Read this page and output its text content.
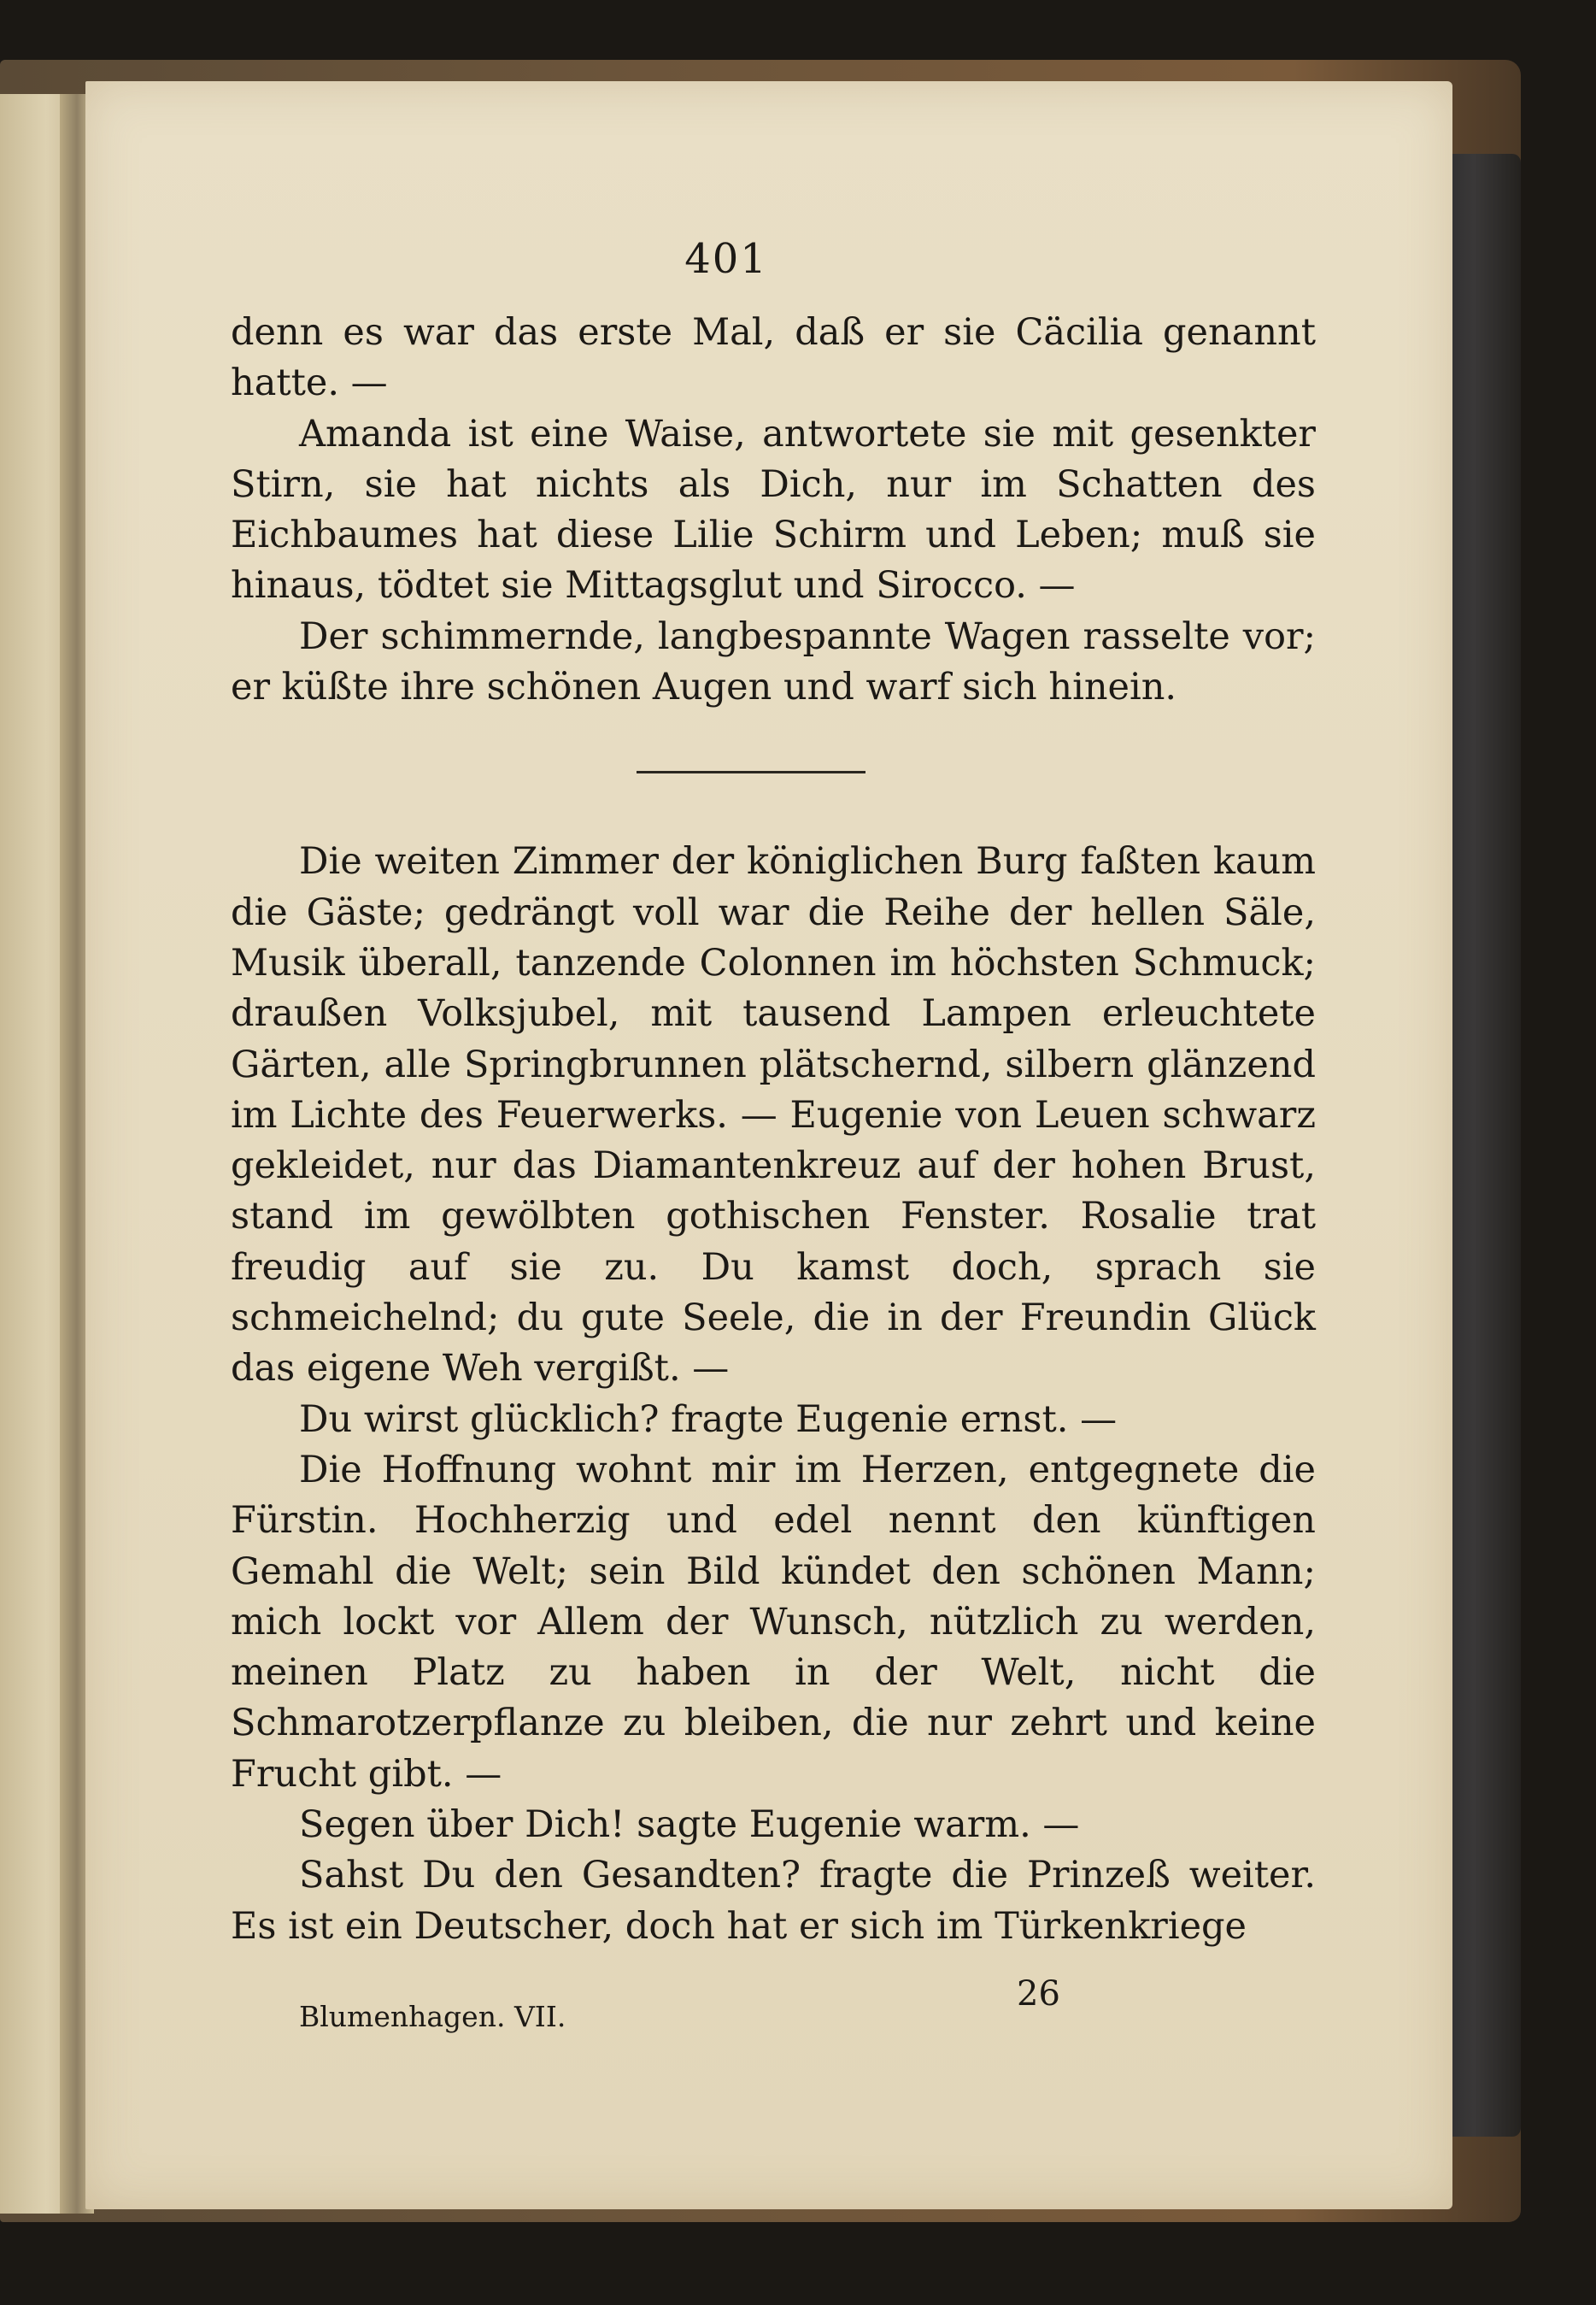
401

denn es war das erste Mal, daß er sie Cäcilia genannt hatte. —

Amanda ist eine Waise, antwortete sie mit gesenkter Stirn, sie hat nichts als Dich, nur im Schatten des Eichbaumes hat diese Lilie Schirm und Leben; muß sie hinaus, tödtet sie Mittagsglut und Sirocco. —

Der schimmernde, langbespannte Wagen rasselte vor; er küßte ihre schönen Augen und warf sich hinein.

Die weiten Zimmer der königlichen Burg faßten kaum die Gäste; gedrängt voll war die Reihe der hellen Säle, Musik überall, tanzende Colonnen im höchsten Schmuck; draußen Volksjubel, mit tausend Lampen erleuchtete Gärten, alle Springbrunnen plätschernd, silbern glänzend im Lichte des Feuerwerks. — Eugenie von Leuen schwarz gekleidet, nur das Diamantenkreuz auf der hohen Brust, stand im gewölbten gothischen Fenster. Rosalie trat freudig auf sie zu. Du kamst doch, sprach sie schmeichelnd; du gute Seele, die in der Freundin Glück das eigene Weh vergißt. —

Du wirst glücklich? fragte Eugenie ernst. —

Die Hoffnung wohnt mir im Herzen, entgegnete die Fürstin. Hochherzig und edel nennt den künftigen Gemahl die Welt; sein Bild kündet den schönen Mann; mich lockt vor Allem der Wunsch, nützlich zu werden, meinen Platz zu haben in der Welt, nicht die Schmarotzerpflanze zu bleiben, die nur zehrt und keine Frucht gibt. —

Segen über Dich! sagte Eugenie warm. —

Sahst Du den Gesandten? fragte die Prinzeß weiter. Es ist ein Deutscher, doch hat er sich im Türkenkriege

Blumenhagen. VII.
26
